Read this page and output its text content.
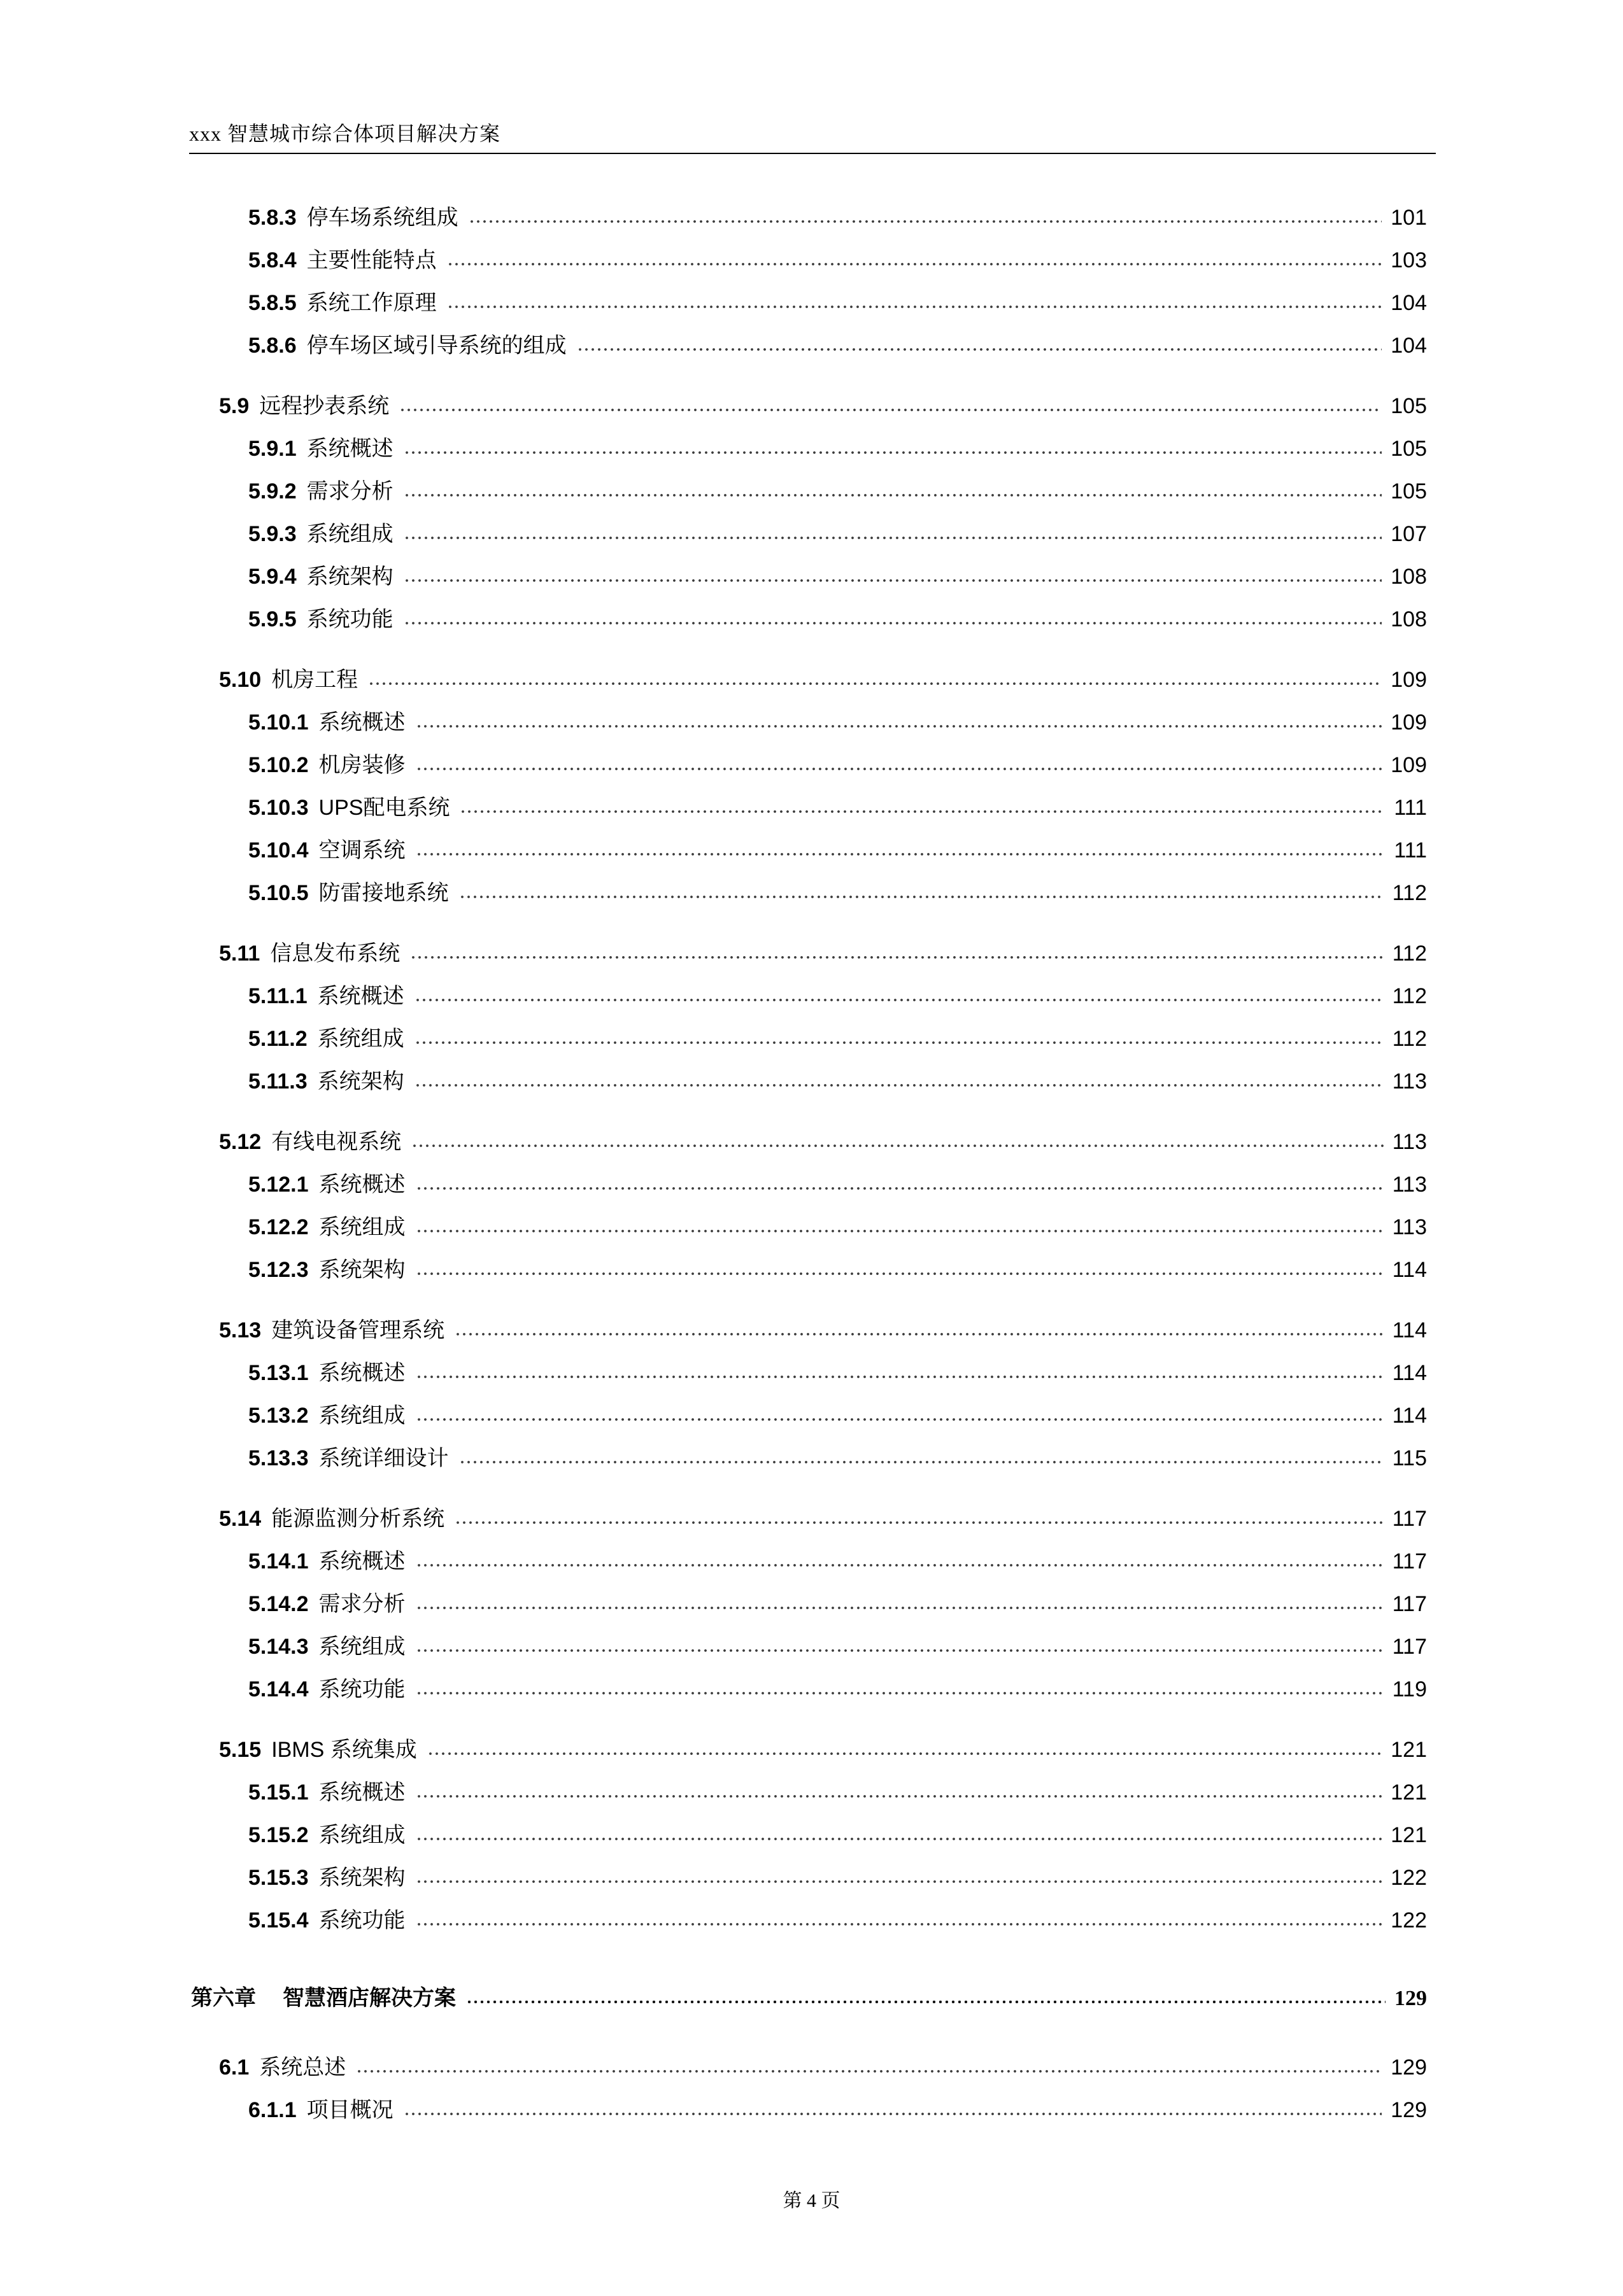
xxx 智慧城市综合体项目解决方案
5.8.3 停车场系统组成	101
5.8.4 主要性能特点	103
5.8.5 系统工作原理	104
5.8.6 停车场区域引导系统的组成	104
5.9 远程抄表系统	105
5.9.1 系统概述	105
5.9.2 需求分析	105
5.9.3 系统组成	107
5.9.4 系统架构	108
5.9.5 系统功能	108
5.10 机房工程	109
5.10.1 系统概述	109
5.10.2 机房装修	109
5.10.3 UPS配电系统	111
5.10.4 空调系统	111
5.10.5 防雷接地系统	112
5.11 信息发布系统	112
5.11.1 系统概述	112
5.11.2 系统组成	112
5.11.3 系统架构	113
5.12 有线电视系统	113
5.12.1 系统概述	113
5.12.2 系统组成	113
5.12.3 系统架构	114
5.13 建筑设备管理系统	114
5.13.1 系统概述	114
5.13.2 系统组成	114
5.13.3 系统详细设计	115
5.14 能源监测分析系统	117
5.14.1 系统概述	117
5.14.2 需求分析	117
5.14.3 系统组成	117
5.14.4 系统功能	119
5.15 IBMS 系统集成	121
5.15.1 系统概述	121
5.15.2 系统组成	121
5.15.3 系统架构	122
5.15.4 系统功能	122
第六章 智慧酒店解决方案	129
6.1 系统总述	129
6.1.1 项目概况	129
第 4 页
